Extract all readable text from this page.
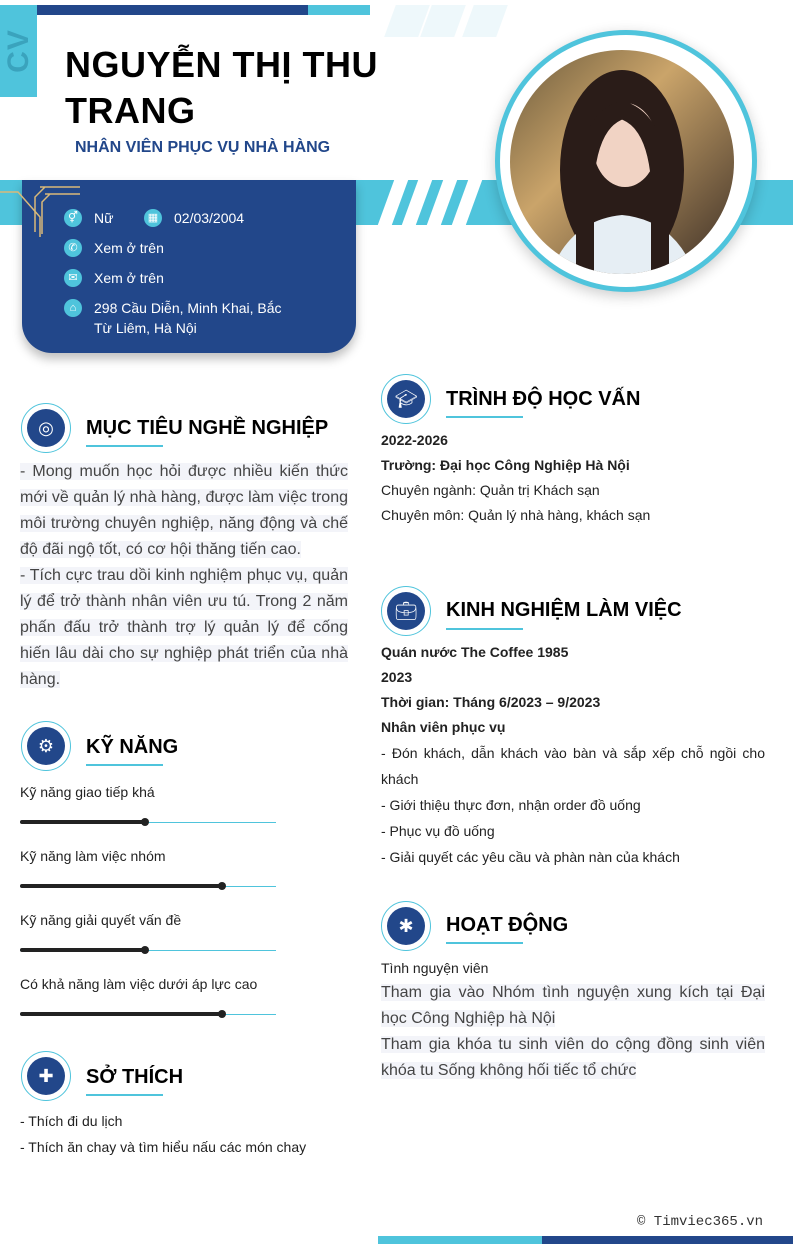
CV NGUYỄN THỊ THU
TRANG
NHÂN VIÊN PHỤC VỤ NHÀ HÀNG
⚥ Nữ	▦ 02/03/2004
✆	Xem ở trên
✉	Xem ở trên
⌂	298 Cầu Diễn, Minh Khai, Bắc Từ Liêm, Hà Nội
◎	MỤC TIÊU NGHỀ NGHIỆP
- Mong muốn học hỏi được nhiều kiến thức mới về quản lý nhà hàng, được làm việc trong môi trường chuyên nghiệp, năng động và chế độ đãi ngộ tốt, có cơ hội thăng tiến cao.
- Tích cực trau dồi kinh nghiệm phục vụ, quản lý để trở thành nhân viên ưu tú. Trong 2 năm phấn đấu trở thành trợ lý quản lý để cống hiến lâu dài cho sự nghiệp phát triển của nhà hàng.
⚙	KỸ NĂNG
Kỹ năng giao tiếp khá
Kỹ năng làm việc nhóm
Kỹ năng giải quyết vấn đề
Có khả năng làm việc dưới áp lực cao
✚	SỞ THÍCH
- Thích đi du lịch
- Thích ăn chay và tìm hiểu nấu các món chay
🎓︎	TRÌNH ĐỘ HỌC VẤN
2022-2026
Trường: Đại học Công Nghiệp Hà Nội
Chuyên ngành: Quản trị Khách sạn
Chuyên môn: Quản lý nhà hàng, khách sạn
💼︎	KINH NGHIỆM LÀM VIỆC
Quán nước The Coffee 1985
2023
Thời gian: Tháng 6/2023 – 9/2023
Nhân viên phục vụ
- Đón khách, dẫn khách vào bàn và sắp xếp chỗ ngồi cho khách
- Giới thiệu thực đơn, nhận order đồ uống
- Phục vụ đồ uống
- Giải quyết các yêu cầu và phàn nàn của khách
✱	HOẠT ĐỘNG
Tình nguyện viên
Tham gia vào Nhóm tình nguyện xung kích tại Đại học Công Nghiệp hà Nội
Tham gia khóa tu sinh viên do cộng đồng sinh viên khóa tu Sống không hối tiếc tổ chức
© Timviec365.vn
